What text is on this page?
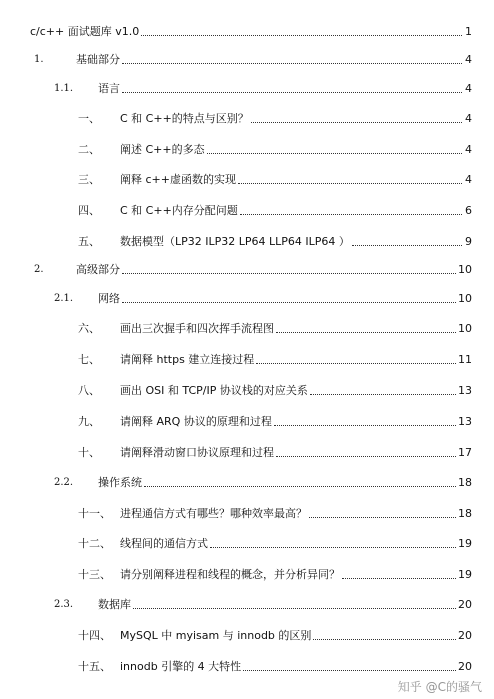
c/c++ 面试题库 v1.0	1
1.	基础部分	4
1.1.	语言	4
一、	C 和 C++的特点与区别？	4
二、	阐述 C++的多态	4
三、	阐释 c++虚函数的实现	4
四、	C 和 C++内存分配问题	6
五、	数据模型（LP32 ILP32 LP64 LLP64 ILP64 ）	9
2.	高级部分	10
2.1.	网络	10
六、	画出三次握手和四次挥手流程图	10
七、	请阐释 https 建立连接过程	11
八、	画出 OSI 和 TCP/IP 协议栈的对应关系	13
九、	请阐释 ARQ 协议的原理和过程	13
十、	请阐释滑动窗口协议原理和过程	17
2.2.	操作系统	18
十一、 进程通信方式有哪些？哪种效率最高？	18
十二、 线程间的通信方式	19
十三、 请分别阐释进程和线程的概念，并分析异同？	19
2.3.	数据库	20
十四、 MySQL 中 myisam 与 innodb 的区别	20
十五、 innodb 引擎的 4 大特性	20
知乎 @C的骚气
